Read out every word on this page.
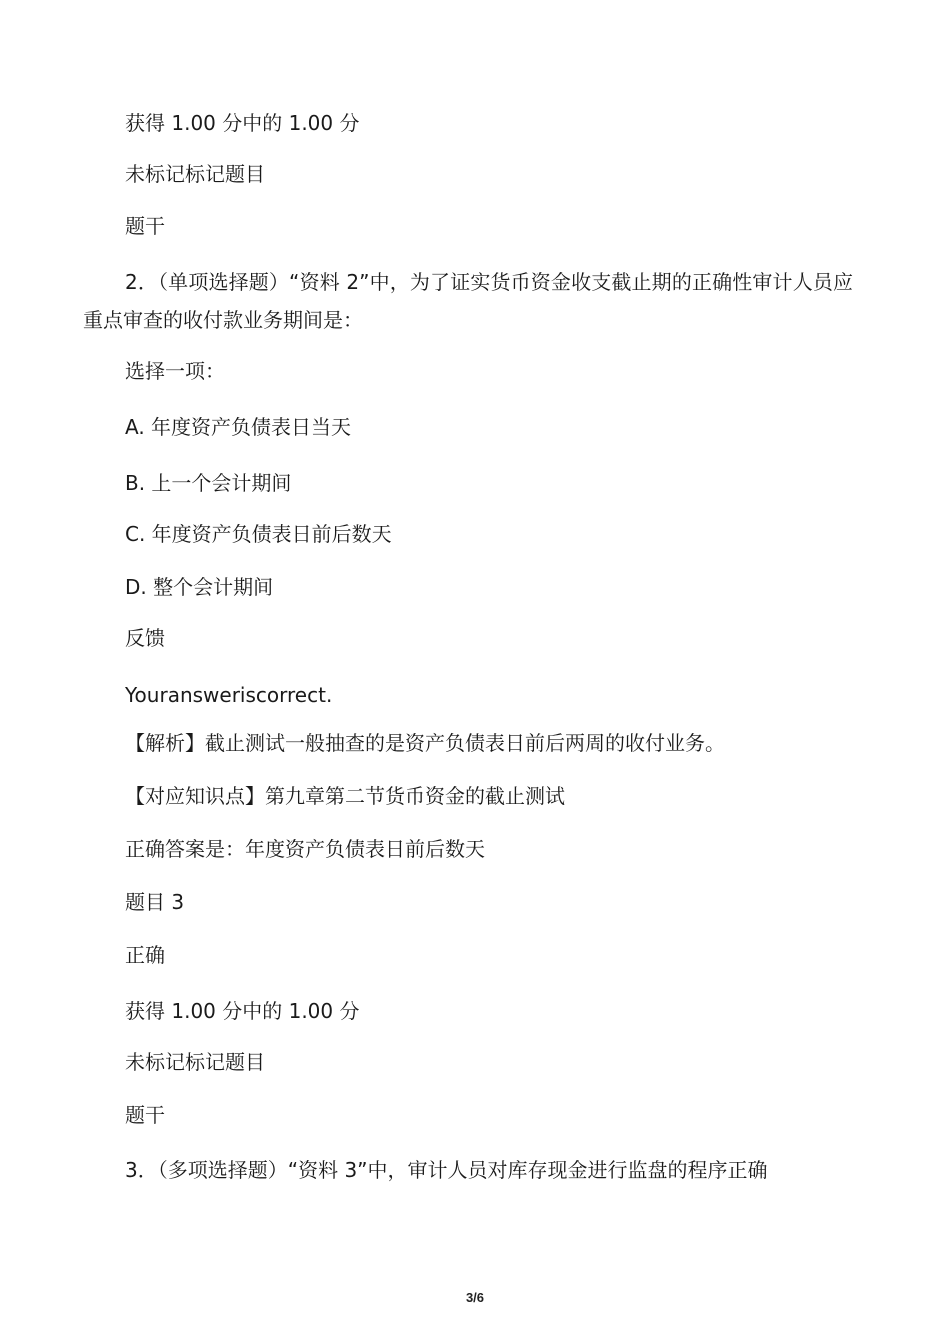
获得 1.00 分中的 1.00 分
未标记标记题目
题干
2．（单项选择题）“资料 2”中，为了证实货币资金收支截止期的正确性审计人员应重点审查的收付款业务期间是：
选择一项：
A. 年度资产负债表日当天
B. 上一个会计期间
C. 年度资产负债表日前后数天
D. 整个会计期间
反馈
Youransweriscorrect.
【解析】截止测试一般抽查的是资产负债表日前后两周的收付业务。
【对应知识点】第九章第二节货币资金的截止测试
正确答案是：年度资产负债表日前后数天
题目 3
正确
获得 1.00 分中的 1.00 分
未标记标记题目
题干
3．（多项选择题）“资料 3”中，审计人员对库存现金进行监盘的程序正确
3/6
